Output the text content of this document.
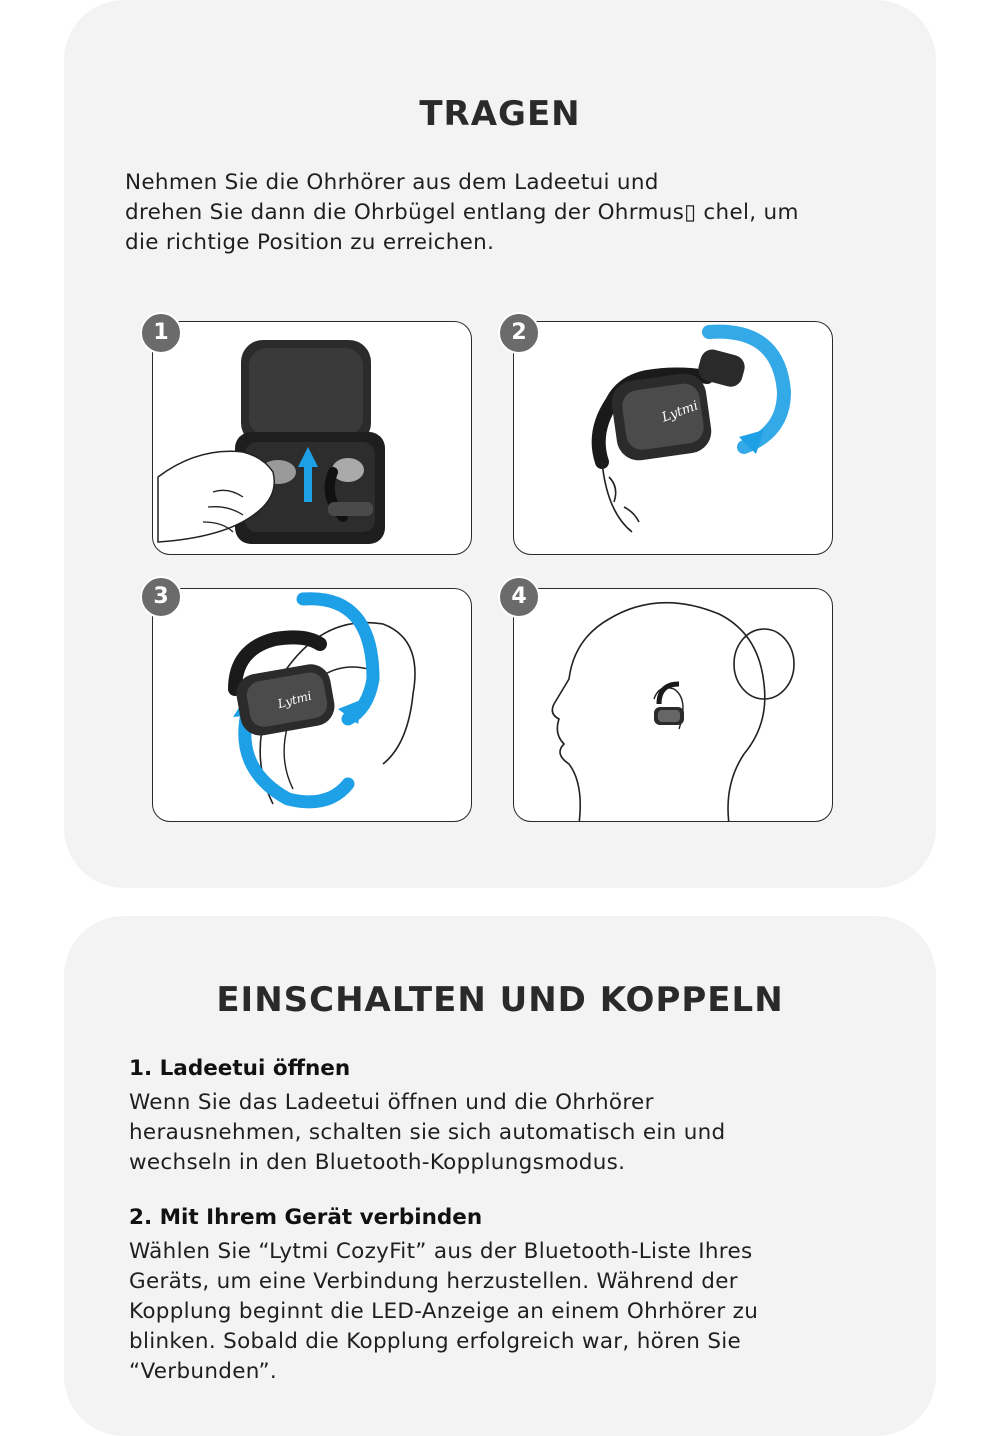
TRAGEN
Nehmen Sie die Ohrhörer aus dem Ladeetui und
drehen Sie dann die Ohrbügel entlang der Ohrmus▯ chel, um
die richtige Position zu erreichen.
Lytmi
Lytmi
1	2
3	4
EINSCHALTEN UND KOPPELN
1. Ladeetui öffnen
Wenn Sie das Ladeetui öffnen und die Ohrhörer
herausnehmen, schalten sie sich automatisch ein und
wechseln in den Bluetooth-Kopplungsmodus.
2. Mit Ihrem Gerät verbinden
Wählen Sie “Lytmi CozyFit” aus der Bluetooth-Liste Ihres
Geräts, um eine Verbindung herzustellen. Während der
Kopplung beginnt die LED-Anzeige an einem Ohrhörer zu
blinken. Sobald die Kopplung erfolgreich war, hören Sie
“Verbunden”.
